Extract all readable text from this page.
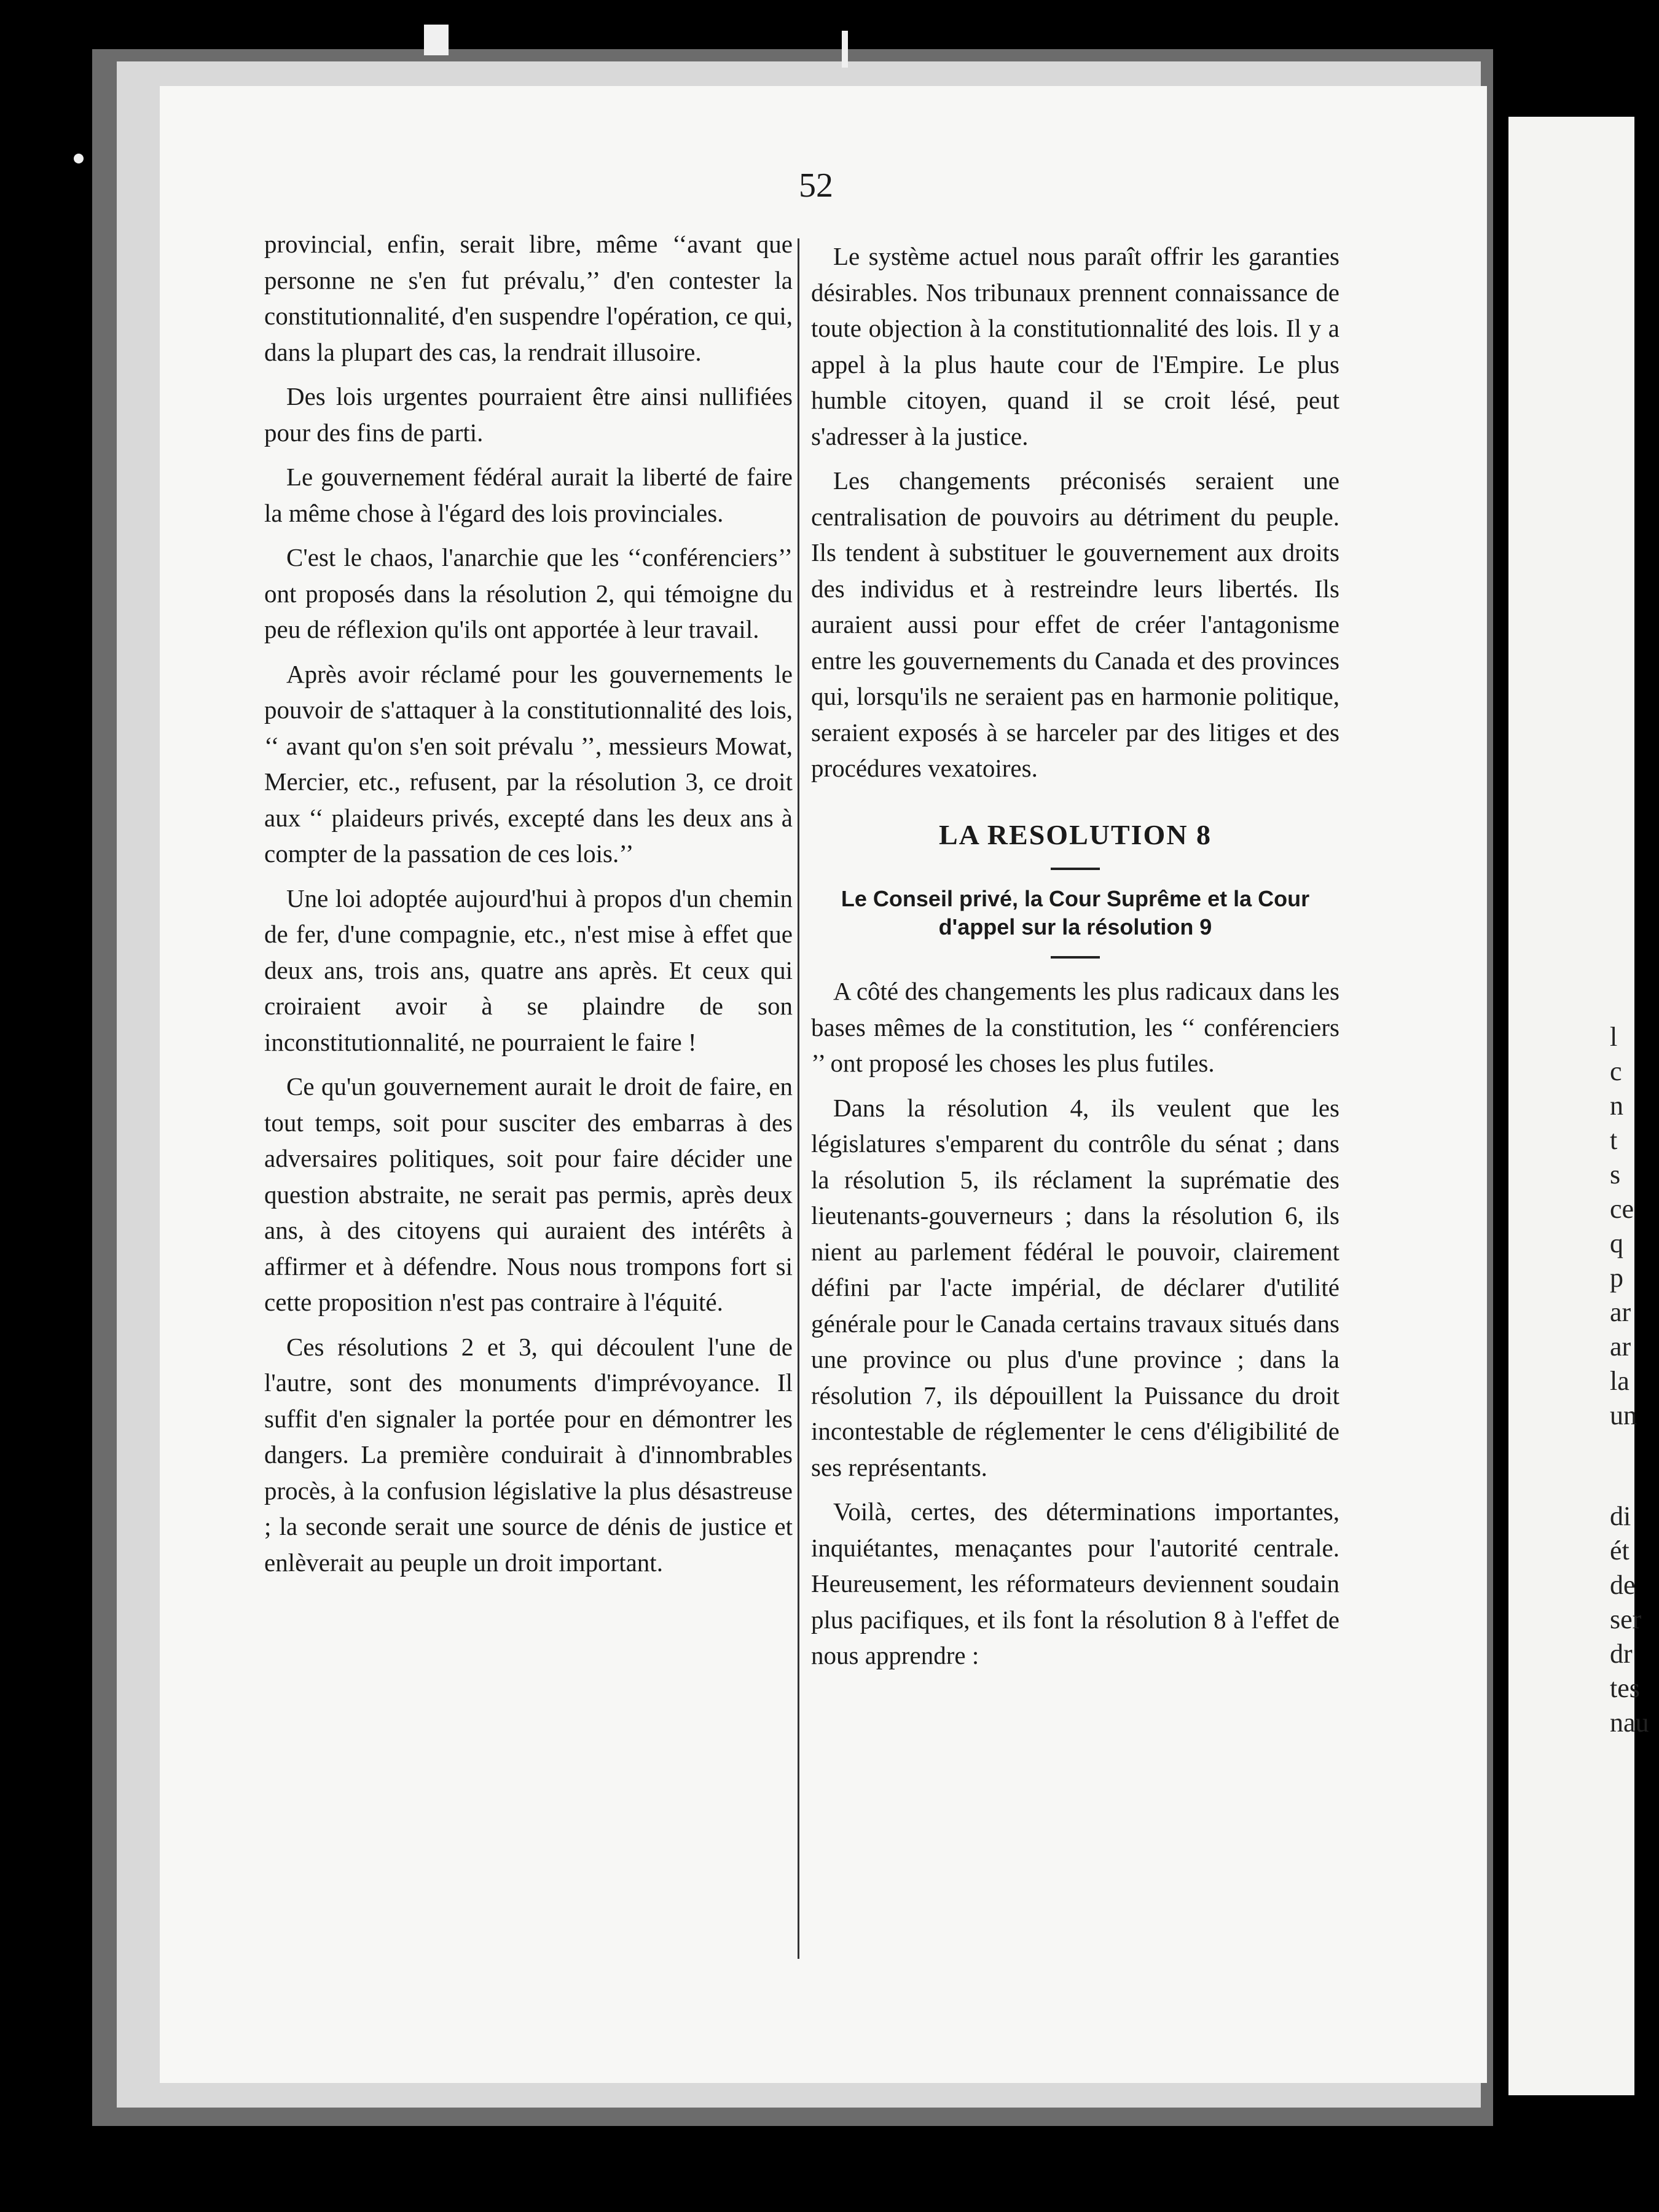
l
c
n
t
s
ce
q
p
ar
ar
la
un
di
ét
de
ser
dr
tes
nau
52

provincial, enfin, serait libre, même ‘‘avant que personne ne s'en fut prévalu,’’ d'en contester la constitutionnalité, d'en suspendre l'opération, ce qui, dans la plupart des cas, la rendrait illusoire.

Des lois urgentes pourraient être ainsi nullifiées pour des fins de parti.

Le gouvernement fédéral aurait la liberté de faire la même chose à l'égard des lois provinciales.

C'est le chaos, l'anarchie que les ‘‘conférenciers’’ ont proposés dans la résolution 2, qui témoigne du peu de réflexion qu'ils ont apportée à leur travail.

Après avoir réclamé pour les gouvernements le pouvoir de s'attaquer à la constitutionnalité des lois, ‘‘ avant qu'on s'en soit prévalu ’’, messieurs Mowat, Mercier, etc., refusent, par la résolution 3, ce droit aux ‘‘ plaideurs privés, excepté dans les deux ans à compter de la passation de ces lois.’’

Une loi adoptée aujourd'hui à propos d'un chemin de fer, d'une compagnie, etc., n'est mise à effet que deux ans, trois ans, quatre ans après. Et ceux qui croiraient avoir à se plaindre de son inconstitutionnalité, ne pourraient le faire !

Ce qu'un gouvernement aurait le droit de faire, en tout temps, soit pour susciter des embarras à des adversaires politiques, soit pour faire décider une question abstraite, ne serait pas permis, après deux ans, à des citoyens qui auraient des intérêts à affirmer et à défendre. Nous nous trompons fort si cette proposition n'est pas contraire à l'équité.

Ces résolutions 2 et 3, qui découlent l'une de l'autre, sont des monuments d'imprévoyance. Il suffit d'en signaler la portée pour en démontrer les dangers. La première conduirait à d'innombrables procès, à la confusion législative la plus désastreuse ; la seconde serait une source de dénis de justice et enlèverait au peuple un droit important.

Le système actuel nous paraît offrir les garanties désirables. Nos tribunaux prennent connaissance de toute objection à la constitutionnalité des lois. Il y a appel à la plus haute cour de l'Empire. Le plus humble citoyen, quand il se croit lésé, peut s'adresser à la justice.

Les changements préconisés seraient une centralisation de pouvoirs au détriment du peuple. Ils tendent à substituer le gouvernement aux droits des individus et à restreindre leurs libertés. Ils auraient aussi pour effet de créer l'antagonisme entre les gouvernements du Canada et des provinces qui, lorsqu'ils ne seraient pas en harmonie politique, seraient exposés à se harceler par des litiges et des procédures vexatoires.

LA RESOLUTION 8
Le Conseil privé, la Cour Suprême et la Cour d'appel sur la résolution 9

A côté des changements les plus radicaux dans les bases mêmes de la constitution, les ‘‘ conférenciers ’’ ont proposé les choses les plus futiles.

Dans la résolution 4, ils veulent que les législatures s'emparent du contrôle du sénat ; dans la résolution 5, ils réclament la suprématie des lieutenants-gouverneurs ; dans la résolution 6, ils nient au parlement fédéral le pouvoir, clairement défini par l'acte impérial, de déclarer d'utilité générale pour le Canada certains travaux situés dans une province ou plus d'une province ; dans la résolution 7, ils dépouillent la Puissance du droit incontestable de réglementer le cens d'éligibilité de ses représentants.

Voilà, certes, des déterminations importantes, inquiétantes, menaçantes pour l'autorité centrale. Heureusement, les réformateurs deviennent soudain plus pacifiques, et ils font la résolution 8 à l'effet de nous apprendre :
